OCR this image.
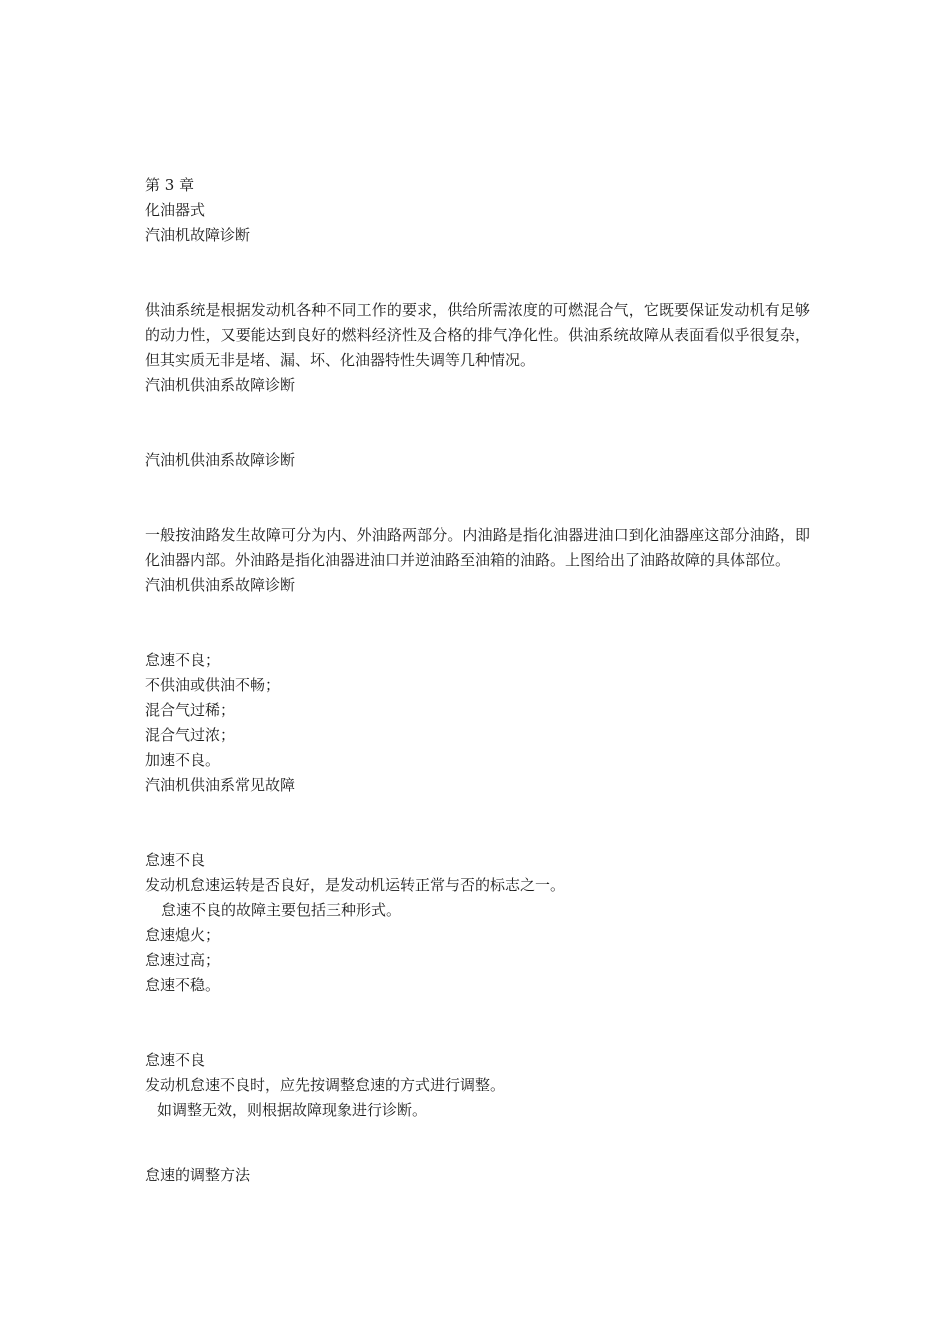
第 3 章
化油器式
汽油机故障诊断

供油系统是根据发动机各种不同工作的要求，供给所需浓度的可燃混合气，它既要保证发动机有足够的动力性，又要能达到良好的燃料经济性及合格的排气净化性。供油系统故障从表面看似乎很复杂，但其实质无非是堵、漏、坏、化油器特性失调等几种情况。

汽油机供油系故障诊断
汽油机供油系故障诊断

一般按油路发生故障可分为内、外油路两部分。内油路是指化油器进油口到化油器座这部分油路，即化油器内部。外油路是指化油器进油口并逆油路至油箱的油路。上图给出了油路故障的具体部位。

汽油机供油系故障诊断
怠速不良；
不供油或供油不畅；
混合气过稀；
混合气过浓；
加速不良。
汽油机供油系常见故障
怠速不良
发动机怠速运转是否良好，是发动机运转正常与否的标志之一。
怠速不良的故障主要包括三种形式。
怠速熄火；
怠速过高；
怠速不稳。
怠速不良
发动机怠速不良时，应先按调整怠速的方式进行调整。
如调整无效，则根据故障现象进行诊断。
怠速的调整方法
